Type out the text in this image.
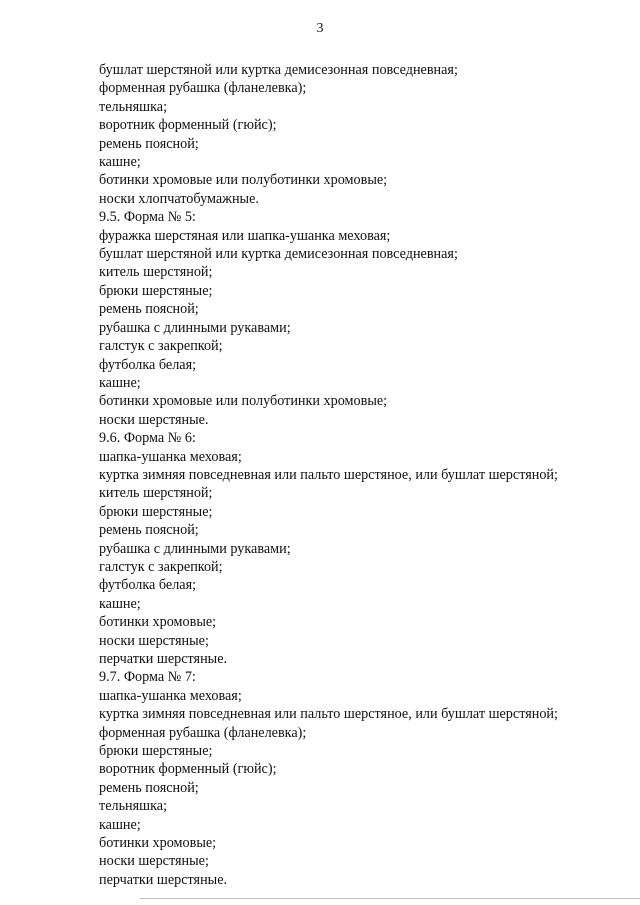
3
бушлат шерстяной или куртка демисезонная повседневная;
форменная рубашка (фланелевка);
тельняшка;
воротник форменный (гюйс);
ремень поясной;
кашне;
ботинки хромовые или полуботинки хромовые;
носки хлопчатобумажные.
9.5. Форма № 5:
фуражка шерстяная или шапка-ушанка меховая;
бушлат шерстяной или куртка демисезонная повседневная;
китель шерстяной;
брюки шерстяные;
ремень поясной;
рубашка с длинными рукавами;
галстук с закрепкой;
футболка белая;
кашне;
ботинки хромовые или полуботинки хромовые;
носки шерстяные.
9.6. Форма № 6:
шапка-ушанка меховая;
куртка зимняя повседневная или пальто шерстяное, или бушлат шерстяной;
китель шерстяной;
брюки шерстяные;
ремень поясной;
рубашка с длинными рукавами;
галстук с закрепкой;
футболка белая;
кашне;
ботинки хромовые;
носки шерстяные;
перчатки шерстяные.
9.7. Форма № 7:
шапка-ушанка меховая;
куртка зимняя повседневная или пальто шерстяное, или бушлат шерстяной;
форменная рубашка (фланелевка);
брюки шерстяные;
воротник форменный (гюйс);
ремень поясной;
тельняшка;
кашне;
ботинки хромовые;
носки шерстяные;
перчатки шерстяные.
